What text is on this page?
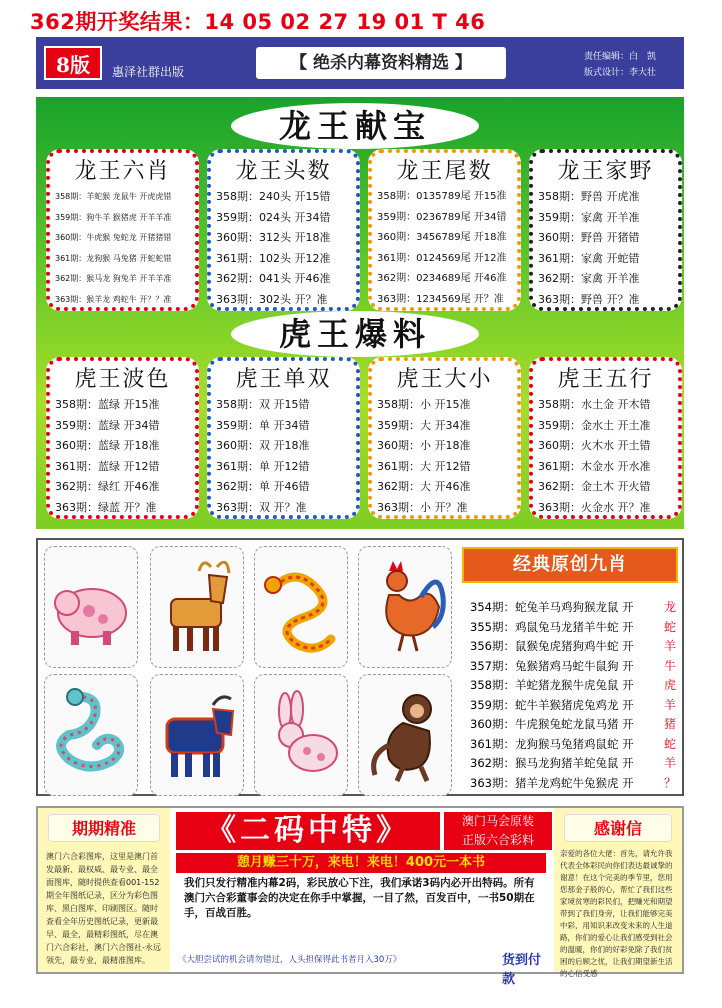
362期开奖结果：14 05 02 27 19 01 T 46
8版	惠泽社群出版	【 绝杀内幕资料精选 】	责任编辑：白　凯
版式设计：李大壮
龙王献宝
龙王六肖
358期：羊蛇猴 龙鼠牛 开虎虎错
359期：狗牛羊 猴猪虎 开羊羊准
360期：牛虎猴 兔蛇龙 开猪猪错
361期：龙狗猴 马兔猪 开蛇蛇错
362期：猴马龙 狗兔羊 开羊羊准
363期：猴羊龙 鸡蛇牛 开？？准
龙王头数
358期：240头 开15错
359期：024头 开34错
360期：312头 开18准
361期：102头 开12准
362期：041头 开46准
363期：302头 开？准
龙王尾数
358期：0135789尾 开15准
359期：0236789尾 开34错
360期：3456789尾 开18准
361期：0124569尾 开12准
362期：0234689尾 开46准
363期：1234569尾 开？准
龙王家野
358期：野兽 开虎准
359期：家禽 开羊准
360期：野兽 开猪错
361期：家禽 开蛇错
362期：家禽 开羊准
363期：野兽 开？准
虎王爆料
虎王波色
358期：蓝绿 开15准
359期：蓝绿 开34错
360期：蓝绿 开18准
361期：蓝绿 开12错
362期：绿红 开46准
363期：绿蓝 开？准
虎王单双
358期：双 开15错
359期：单 开34错
360期：双 开18准
361期：单 开12错
362期：单 开46错
363期：双 开？准
虎王大小
358期：小 开15准
359期：大 开34准
360期：小 开18准
361期：大 开12错
362期：大 开46准
363期：小 开？准
虎王五行
358期：水土金 开木错
359期：金水土 开土准
360期：火木水 开土错
361期：木金水 开水准
362期：金土木 开火错
363期：火金水 开？准
经典原创九肖
354期：蛇兔羊马鸡狗猴龙鼠 开	龙
355期：鸡鼠兔马龙猪羊牛蛇 开	蛇
356期：鼠猴兔虎猪狗鸡牛蛇 开	羊
357期：兔猴猪鸡马蛇牛鼠狗 开	牛
358期：羊蛇猪龙猴牛虎兔鼠 开	虎
359期：蛇牛羊猴猪虎兔鸡龙 开	羊
360期：牛虎猴兔蛇龙鼠马猪 开	猪
361期：龙狗猴马兔猪鸡鼠蛇 开	蛇
362期：猴马龙狗猪羊蛇兔鼠 开	羊
363期：猪羊龙鸡蛇牛兔猴虎 开	？
期期精准
澳门六合彩图库，这里是澳门首发最新、最权威、最专业、最全面图库，随时提供查看001-152期全年图纸记录，区分为彩色图库、黑白图库、印刷图区。随时查看全年历史图纸记录，更新最早、最全，最精彩图纸，尽在澳门六合彩社，澳门六合图社-永远领先，最专业，最精准图库。
《二码中特》	澳门马会原装
正版六合彩料
憩月赚三十万，来电！来电！400元一本书
我们只发行精准内幕2码，彩民放心下注，我们承诺3码内必开出特码。所有澳门六合彩董事会的决定在你手中掌握，一目了然，百发百中，一书50期在手，百战百胜。
《大胆尝试的机会请勿错过，人头担保得此书者月入30万》	货到付款
感谢信
亲爱的各位大佬：首先，请允许我代表全体彩民向你们表达最诚挚的谢意！在这个完美的季节里，您用您那金子般的心，帮忙了我们这些家境贫寒的彩民们，把赚光和期望带到了我们身旁，让我们能够完美中彩，用知识来改变未来的人生道路，你们的爱心让我们感受到社会的温暖，你们的好彩免除了我们贫困的后顾之忧，让我们期望新生活的心信受感
